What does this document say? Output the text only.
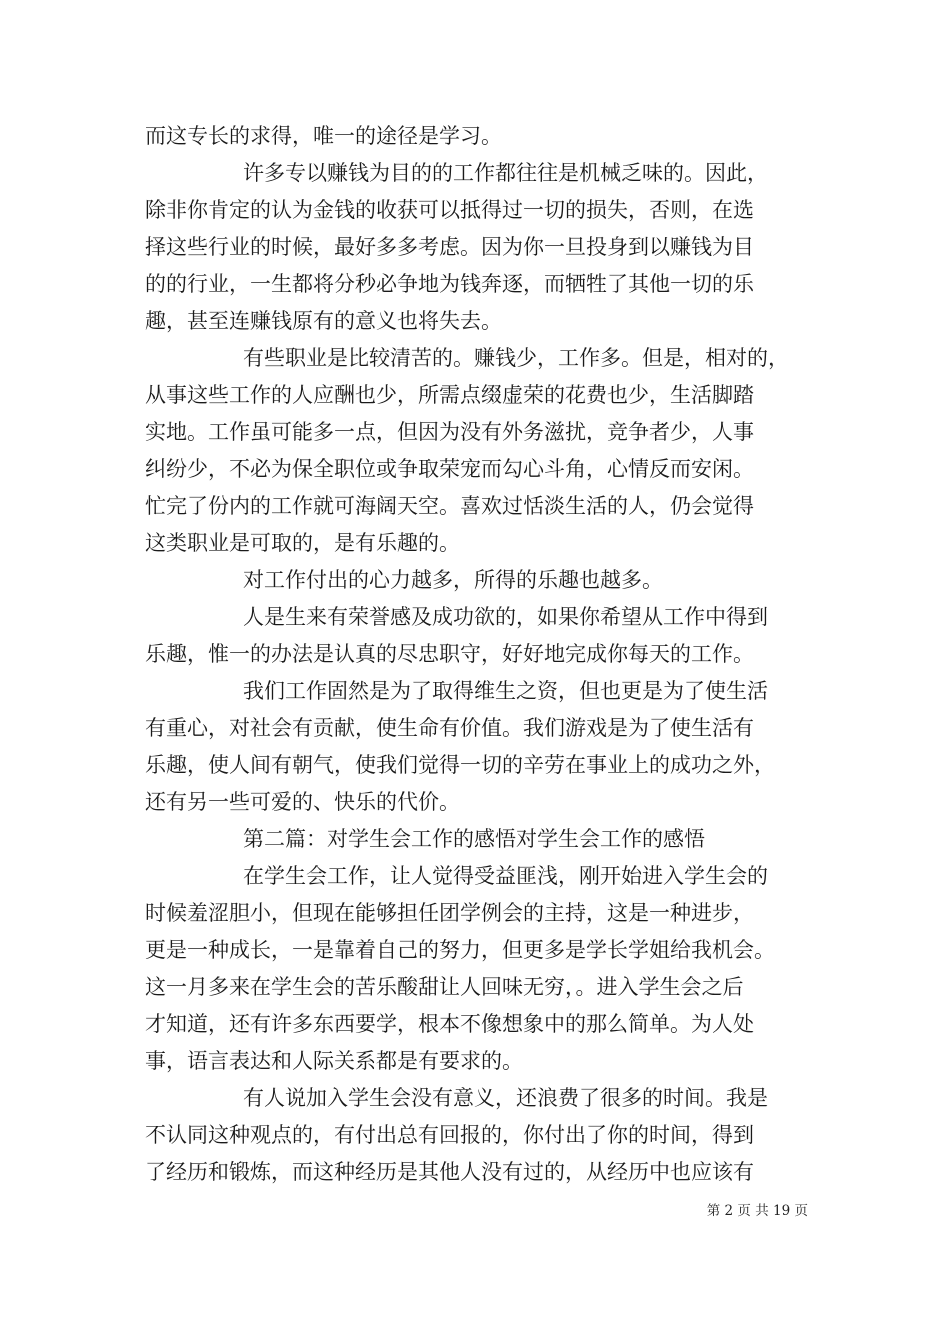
而这专长的求得，唯一的途径是学习。
许多专以赚钱为目的的工作都往往是机械乏味的。因此，
除非你肯定的认为金钱的收获可以抵得过一切的损失，否则，在选
择这些行业的时候，最好多多考虑。因为你一旦投身到以赚钱为目
的的行业，一生都将分秒必争地为钱奔逐，而牺牲了其他一切的乐
趣，甚至连赚钱原有的意义也将失去。
有些职业是比较清苦的。赚钱少，工作多。但是，相对的，
从事这些工作的人应酬也少，所需点缀虚荣的花费也少，生活脚踏
实地。工作虽可能多一点，但因为没有外务滋扰，竞争者少，人事
纠纷少，不必为保全职位或争取荣宠而勾心斗角，心情反而安闲。
忙完了份内的工作就可海阔天空。喜欢过恬淡生活的人，仍会觉得
这类职业是可取的，是有乐趣的。
对工作付出的心力越多，所得的乐趣也越多。
人是生来有荣誉感及成功欲的，如果你希望从工作中得到
乐趣，惟一的办法是认真的尽忠职守，好好地完成你每天的工作。
我们工作固然是为了取得维生之资，但也更是为了使生活
有重心，对社会有贡献，使生命有价值。我们游戏是为了使生活有
乐趣，使人间有朝气，使我们觉得一切的辛劳在事业上的成功之外，
还有另一些可爱的、快乐的代价。
第二篇：对学生会工作的感悟对学生会工作的感悟
在学生会工作，让人觉得受益匪浅，刚开始进入学生会的
时候羞涩胆小，但现在能够担任团学例会的主持，这是一种进步，
更是一种成长，一是靠着自己的努力，但更多是学长学姐给我机会。
这一月多来在学生会的苦乐酸甜让人回味无穷，。进入学生会之后
才知道，还有许多东西要学，根本不像想象中的那么简单。为人处
事，语言表达和人际关系都是有要求的。
有人说加入学生会没有意义，还浪费了很多的时间。我是
不认同这种观点的，有付出总有回报的，你付出了你的时间，得到
了经历和锻炼，而这种经历是其他人没有过的，从经历中也应该有
第 2 页 共 19 页
